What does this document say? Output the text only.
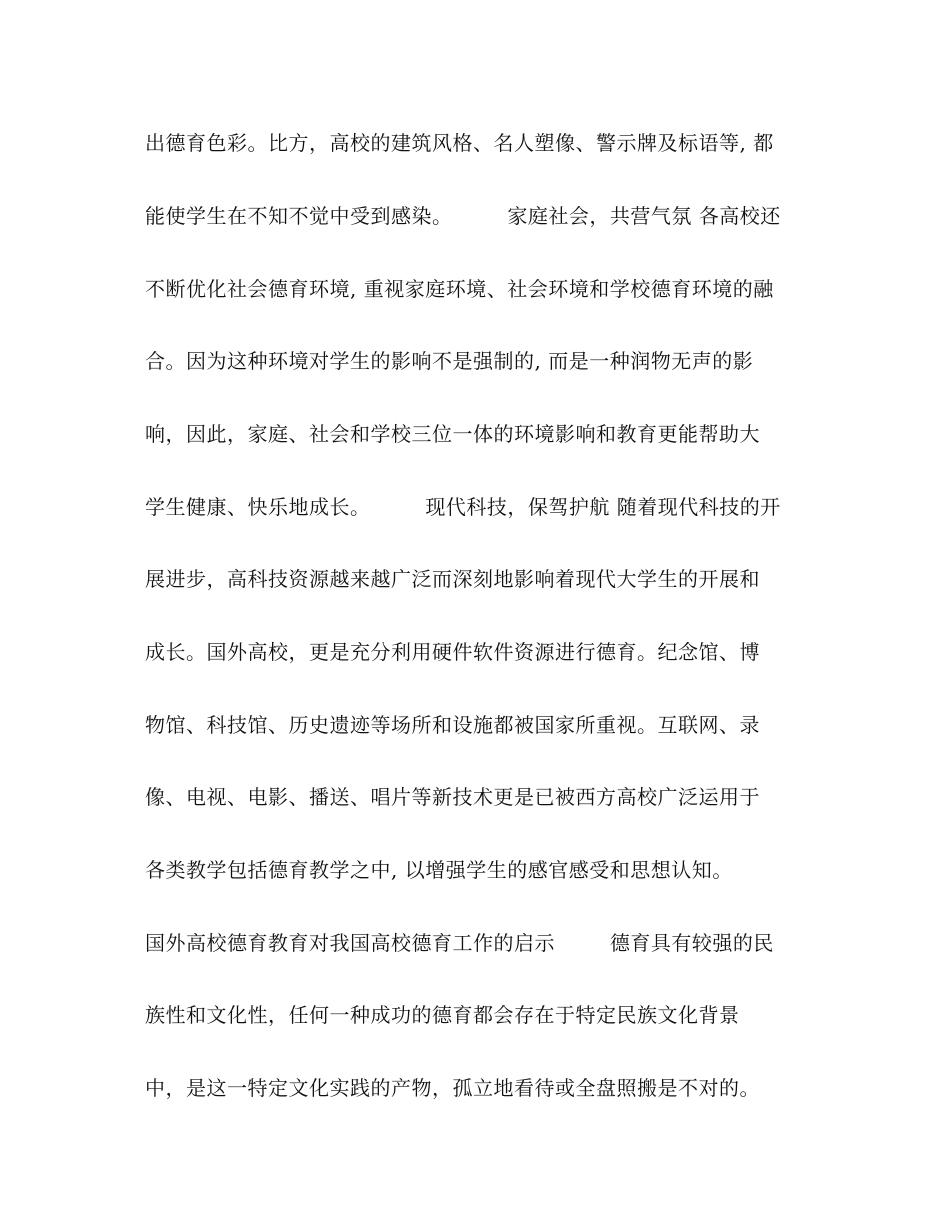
出德育色彩。比方，高校的建筑风格、名人塑像、警示牌及标语等, 都
能使学生在不知不觉中受到感染。        家庭社会，共营气氛 各高校还
不断优化社会德育环境, 重视家庭环境、社会环境和学校德育环境的融
合。因为这种环境对学生的影响不是强制的, 而是一种润物无声的影
响，因此，家庭、社会和学校三位一体的环境影响和教育更能帮助大
学生健康、快乐地成长。        现代科技，保驾护航 随着现代科技的开
展进步，高科技资源越来越广泛而深刻地影响着现代大学生的开展和
成长。国外高校，更是充分利用硬件软件资源进行德育。纪念馆、博
物馆、科技馆、历史遗迹等场所和设施都被国家所重视。互联网、录
像、电视、电影、播送、唱片等新技术更是已被西方高校广泛运用于
各类教学包括德育教学之中, 以增强学生的感官感受和思想认知。
国外高校德育教育对我国高校德育工作的启示        德育具有较强的民
族性和文化性，任何一种成功的德育都会存在于特定民族文化背景
中，是这一特定文化实践的产物，孤立地看待或全盘照搬是不对的。
